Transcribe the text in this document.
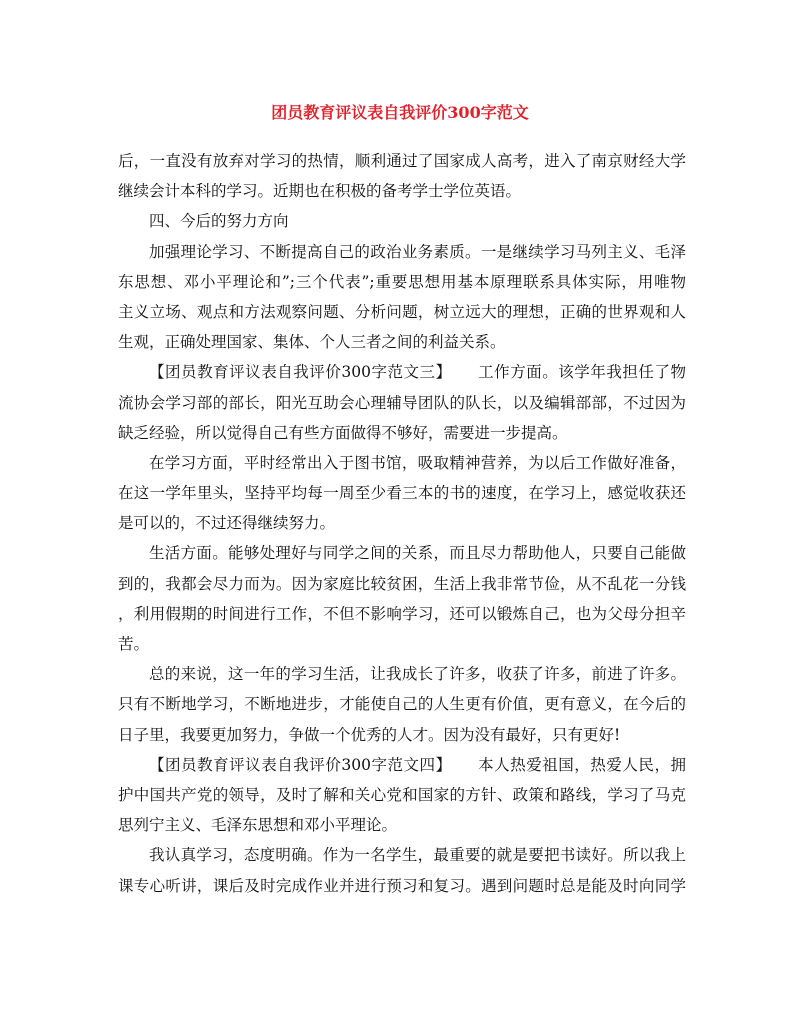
团员教育评议表自我评价300字范文
后，一直没有放弃对学习的热情，顺利通过了国家成人高考，进入了南京财经大学
继续会计本科的学习。近期也在积极的备考学士学位英语。
四、今后的努力方向
加强理论学习、不断提高自己的政治业务素质。一是继续学习马列主义、毛泽
东思想、邓小平理论和”;三个代表”;重要思想用基本原理联系具体实际，用唯物
主义立场、观点和方法观察问题、分析问题，树立远大的理想，正确的世界观和人
生观，正确处理国家、集体、个人三者之间的利益关系。
【团员教育评议表自我评价300字范文三】 工作方面。该学年我担任了物
流协会学习部的部长，阳光互助会心理辅导团队的队长，以及编辑部部，不过因为
缺乏经验，所以觉得自己有些方面做得不够好，需要进一步提高。
在学习方面，平时经常出入于图书馆，吸取精神营养，为以后工作做好准备，
在这一学年里头，坚持平均每一周至少看三本的书的速度，在学习上，感觉收获还
是可以的，不过还得继续努力。
生活方面。能够处理好与同学之间的关系，而且尽力帮助他人，只要自己能做
到的，我都会尽力而为。因为家庭比较贫困，生活上我非常节俭，从不乱花一分钱
，利用假期的时间进行工作，不但不影响学习，还可以锻炼自己，也为父母分担辛
苦。
总的来说，这一年的学习生活，让我成长了许多，收获了许多，前进了许多。
只有不断地学习，不断地进步，才能使自己的人生更有价值，更有意义，在今后的
日子里，我要更加努力，争做一个优秀的人才。因为没有最好，只有更好!
【团员教育评议表自我评价300字范文四】 本人热爱祖国，热爱人民，拥
护中国共产党的领导，及时了解和关心党和国家的方针、政策和路线，学习了马克
思列宁主义、毛泽东思想和邓小平理论。
我认真学习，态度明确。作为一名学生，最重要的就是要把书读好。所以我上
课专心听讲，课后及时完成作业并进行预习和复习。遇到问题时总是能及时向同学
